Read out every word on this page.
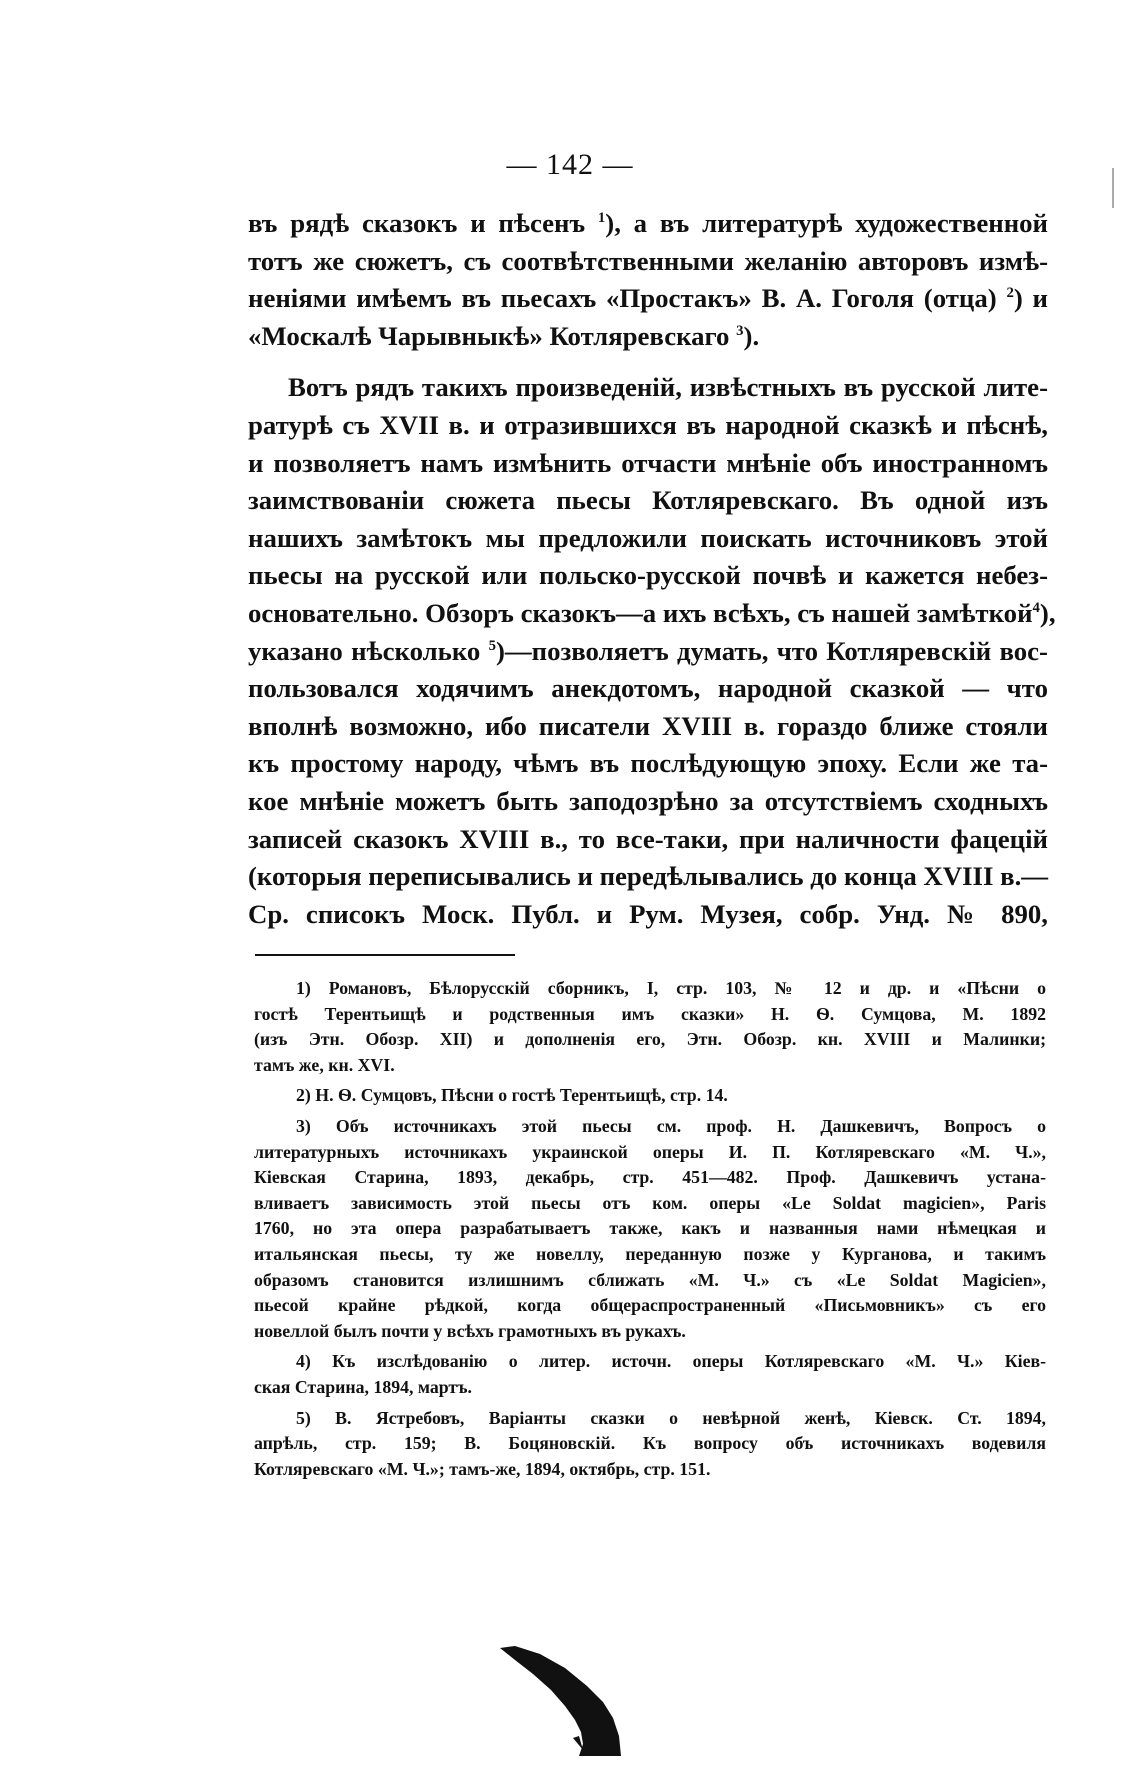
— 142 —
въ рядѣ сказокъ и пѣсенъ $^1$), а въ литературѣ художественной
тотъ же сюжетъ, съ соотвѣтственными желанію авторовъ измѣ-
неніями имѣемъ въ пьесахъ «Простакъ» В. А. Гоголя (отца) $^2$) и
«Москалѣ Чарывныкѣ» Котляревскаго $^3$).
Вотъ рядъ такихъ произведеній, извѣстныхъ въ русской лите-
ратурѣ съ XVII в. и отразившихся въ народной сказкѣ и пѣснѣ,
и позволяетъ намъ измѣнить отчасти мнѣніе объ иностранномъ
заимствованіи сюжета пьесы Котляревскаго. Въ одной изъ
нашихъ замѣтокъ мы предложили поискать источниковъ этой
пьесы на русской или польско-русской почвѣ и кажется небез-
основательно. Обзоръ сказокъ—а ихъ всѣхъ, съ нашей замѣткой$^4$),
указано нѣсколько $^5$)—позволяетъ думать, что Котляревскій вос-
пользовался ходячимъ анекдотомъ, народной сказкой — что
вполнѣ возможно, ибо писатели XVIII в. гораздо ближе стояли
къ простому народу, чѣмъ въ послѣдующую эпоху. Если же та-
кое мнѣніе можетъ быть заподозрѣно за отсутствіемъ сходныхъ
записей сказокъ XVIII в., то все-таки, при наличности фацецій
(которыя переписывались и передѣлывались до конца XVIII в.—
Ср. списокъ Моск. Публ. и Рум. Музея, собр. Унд. № 890,
1) Романовъ, Бѣлорусскій сборникъ, I, стр. 103, № 12 и др. и «Пѣсни о
гостѣ Терентьищѣ и родственныя имъ сказки» Н. Ѳ. Сумцова, М. 1892
(изъ Этн. Обозр. XII) и дополненія его, Этн. Обозр. кн. XVIII и Малинки;
тамъ же, кн. XVI.
2) Н. Ѳ. Сумцовъ, Пѣсни о гостѣ Терентьищѣ, стр. 14.
3) Объ источникахъ этой пьесы см. проф. Н. Дашкевичъ, Вопросъ о
литературныхъ источникахъ украинской оперы И. П. Котляревскаго «М. Ч.»,
Кіевская Старина, 1893, декабрь, стр. 451—482. Проф. Дашкевичъ устана-
вливаетъ зависимость этой пьесы отъ ком. оперы «Le Soldat magicien», Paris
1760, но эта опера разрабатываетъ также, какъ и названныя нами нѣмецкая и
итальянская пьесы, ту же новеллу, переданную позже у Курганова, и такимъ
образомъ становится излишнимъ сближать «М. Ч.» съ «Le Soldat Magicien»,
пьесой крайне рѣдкой, когда общераспространенный «Письмовникъ» съ его
новеллой былъ почти у всѣхъ грамотныхъ въ рукахъ.
4) Къ изслѣдованію о литер. источн. оперы Котляревскаго «М. Ч.» Кіев-
ская Старина, 1894, мартъ.
5) В. Ястребовъ, Варіанты сказки о невѣрной женѣ, Кіевск. Ст. 1894,
апрѣль, стр. 159; В. Боцяновскій. Къ вопросу объ источникахъ водевиля
Котляревскаго «М. Ч.»; тамъ-же, 1894, октябрь, стр. 151.
